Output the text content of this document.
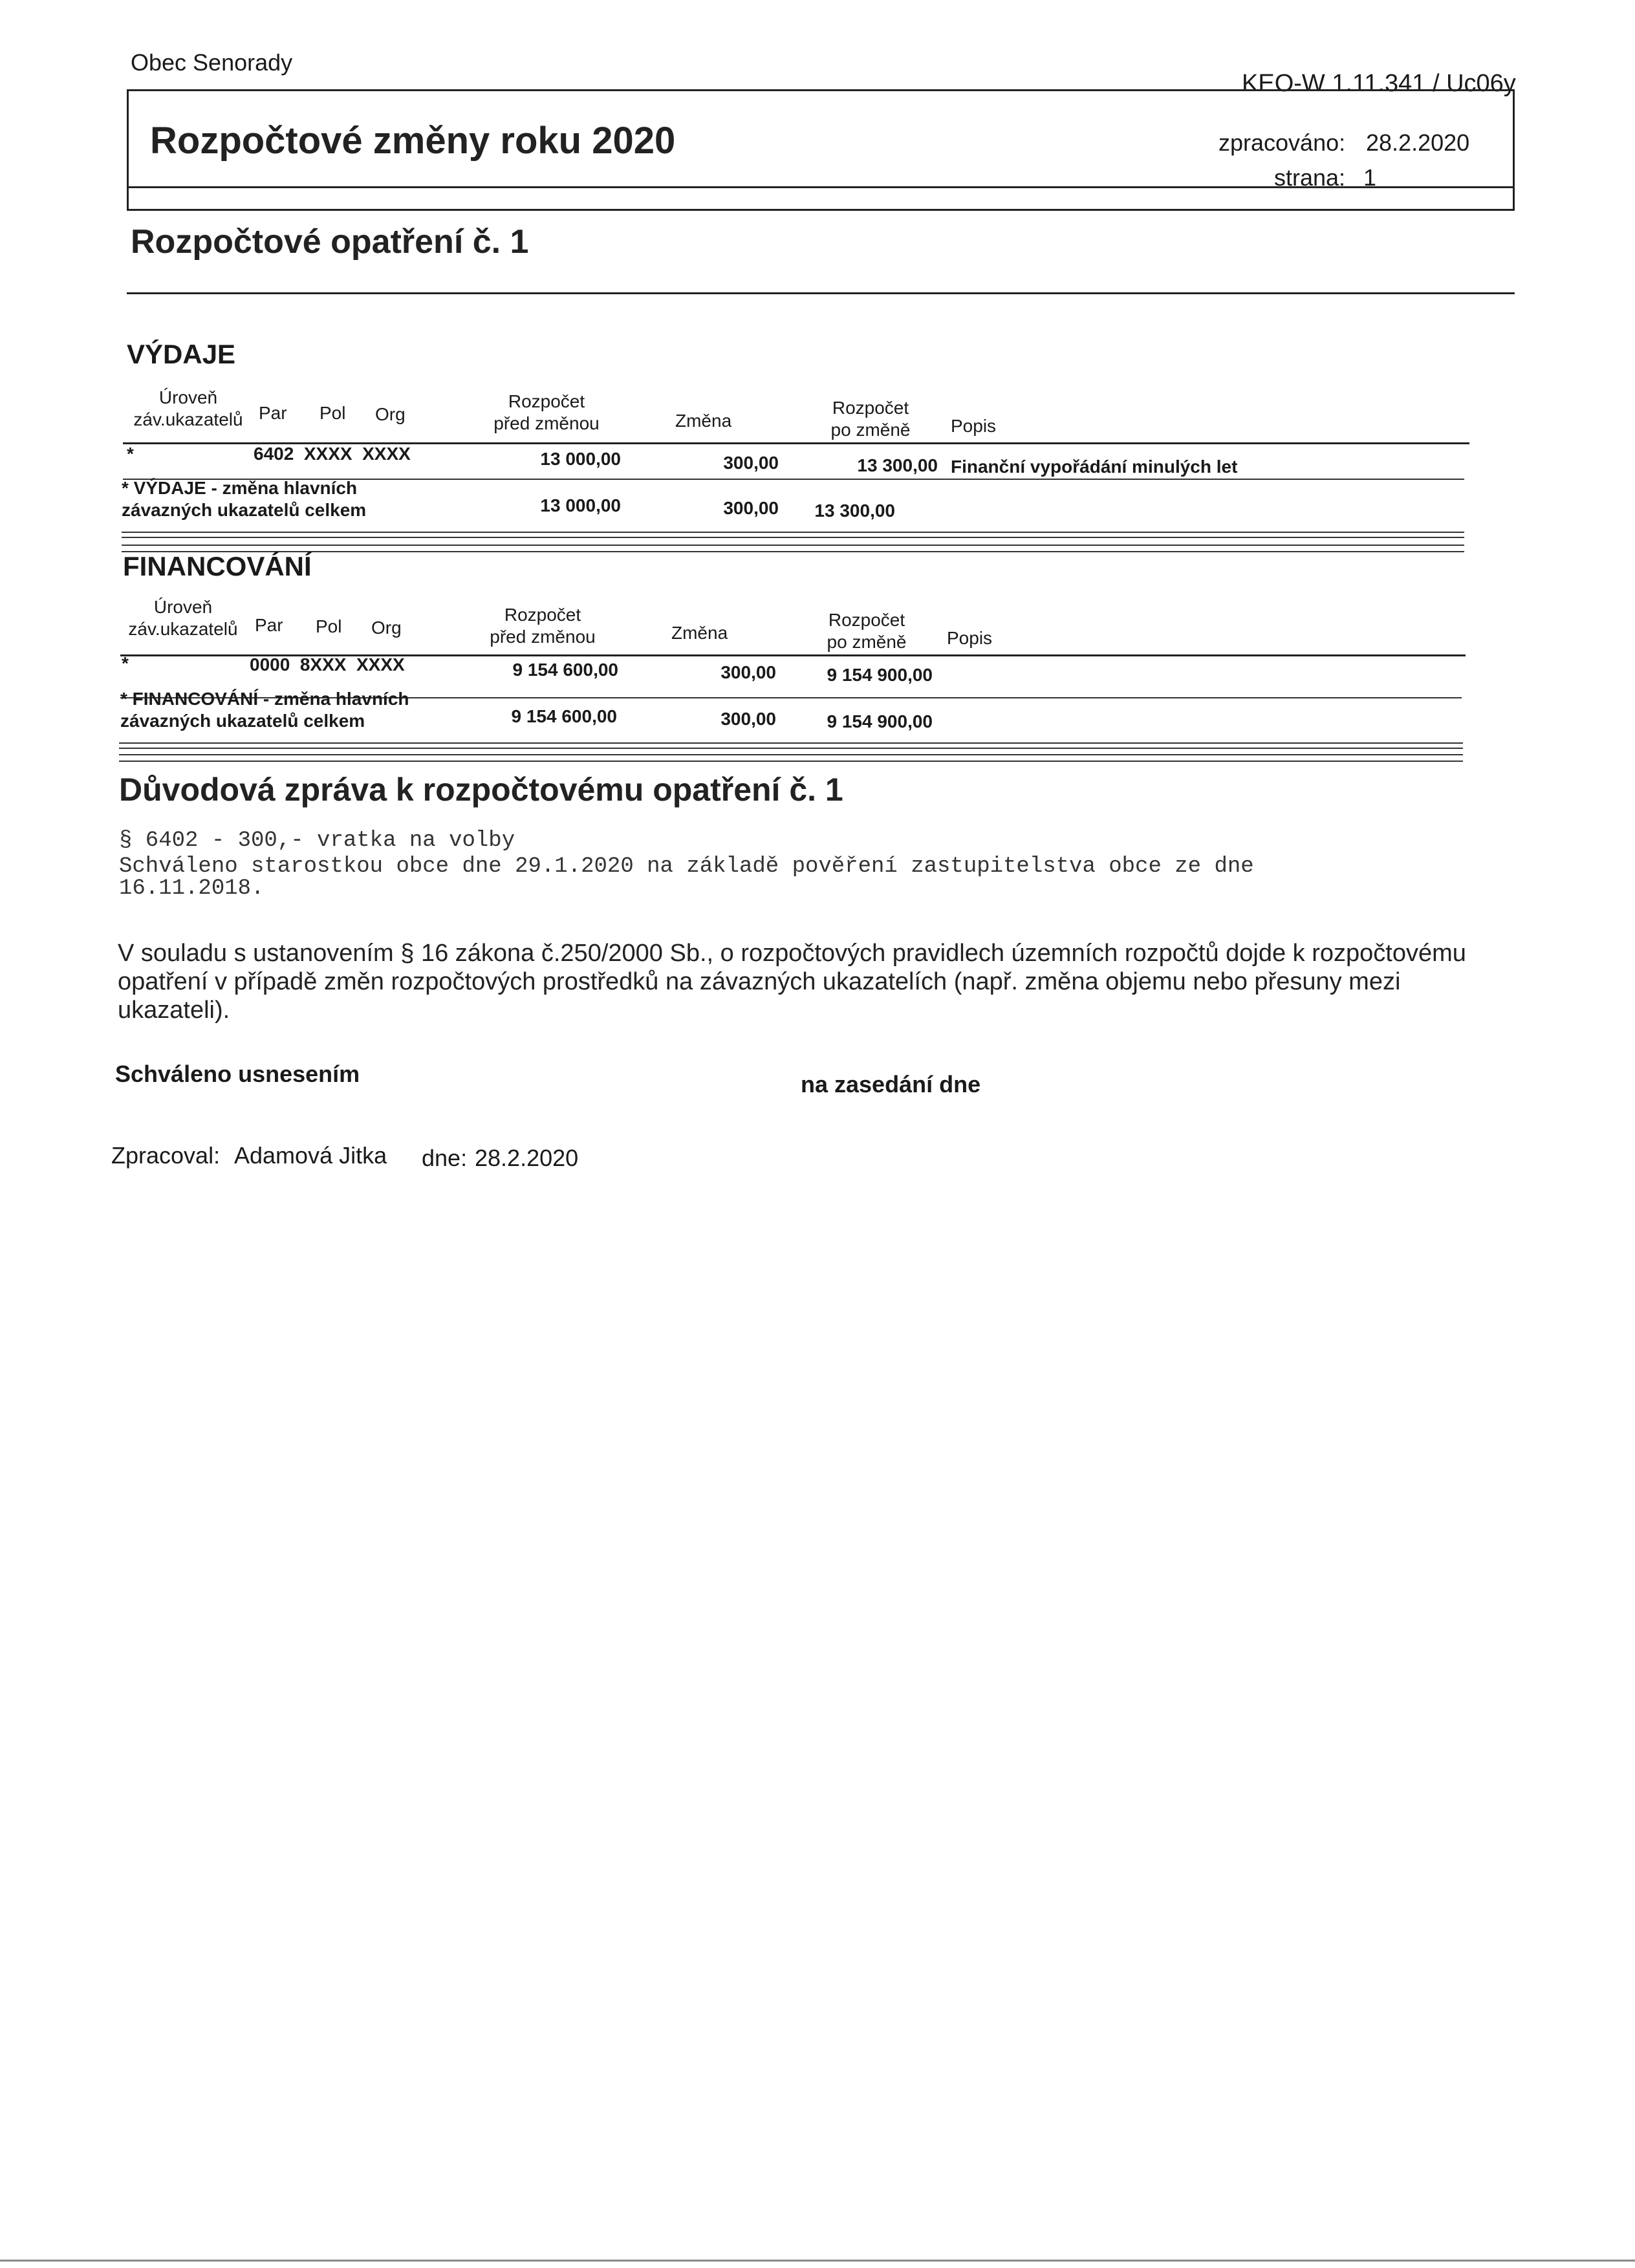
Obec Senorady
KEO-W 1.11.341 / Uc06y
Rozpočtové změny roku 2020	zpracováno: 28.2.2020
strana: 1
Rozpočtové opatření č. 1
VÝDAJE
Úroveň
záv.ukazatelů Par Pol Org
Rozpočet
před změnou	Změna
Rozpočet
po změně	Popis
*	6402  XXXX  XXXX	13 000,00	300,00	13 300,00 Finanční vypořádání minulých let
* VÝDAJE - změna hlavních
závazných ukazatelů celkem	13 000,00	300,00	13 300,00
FINANCOVÁNÍ
Úroveň
záv.ukazatelů Par Pol Org
Rozpočet
před změnou	Změna
Rozpočet
po změně	Popis
*	0000  8XXX  XXXX	9 154 600,00	300,00	9 154 900,00
* FINANCOVÁNÍ - změna hlavních
závazných ukazatelů celkem	9 154 600,00	300,00	9 154 900,00
Důvodová zpráva k rozpočtovému opatření č. 1
§ 6402 - 300,- vratka na volby
Schváleno starostkou obce dne 29.1.2020 na základě pověření zastupitelstva obce ze dne
16.11.2018.
V souladu s ustanovením § 16 zákona č.250/2000 Sb., o rozpočtových pravidlech územních rozpočtů dojde k rozpočtovému
opatření v případě změn rozpočtových prostředků na závazných ukazatelích (např. změna objemu nebo přesuny mezi
ukazateli).
Schváleno usnesením	na zasedání dne
Zpracoval: Adamová Jitka dne: 28.2.2020
